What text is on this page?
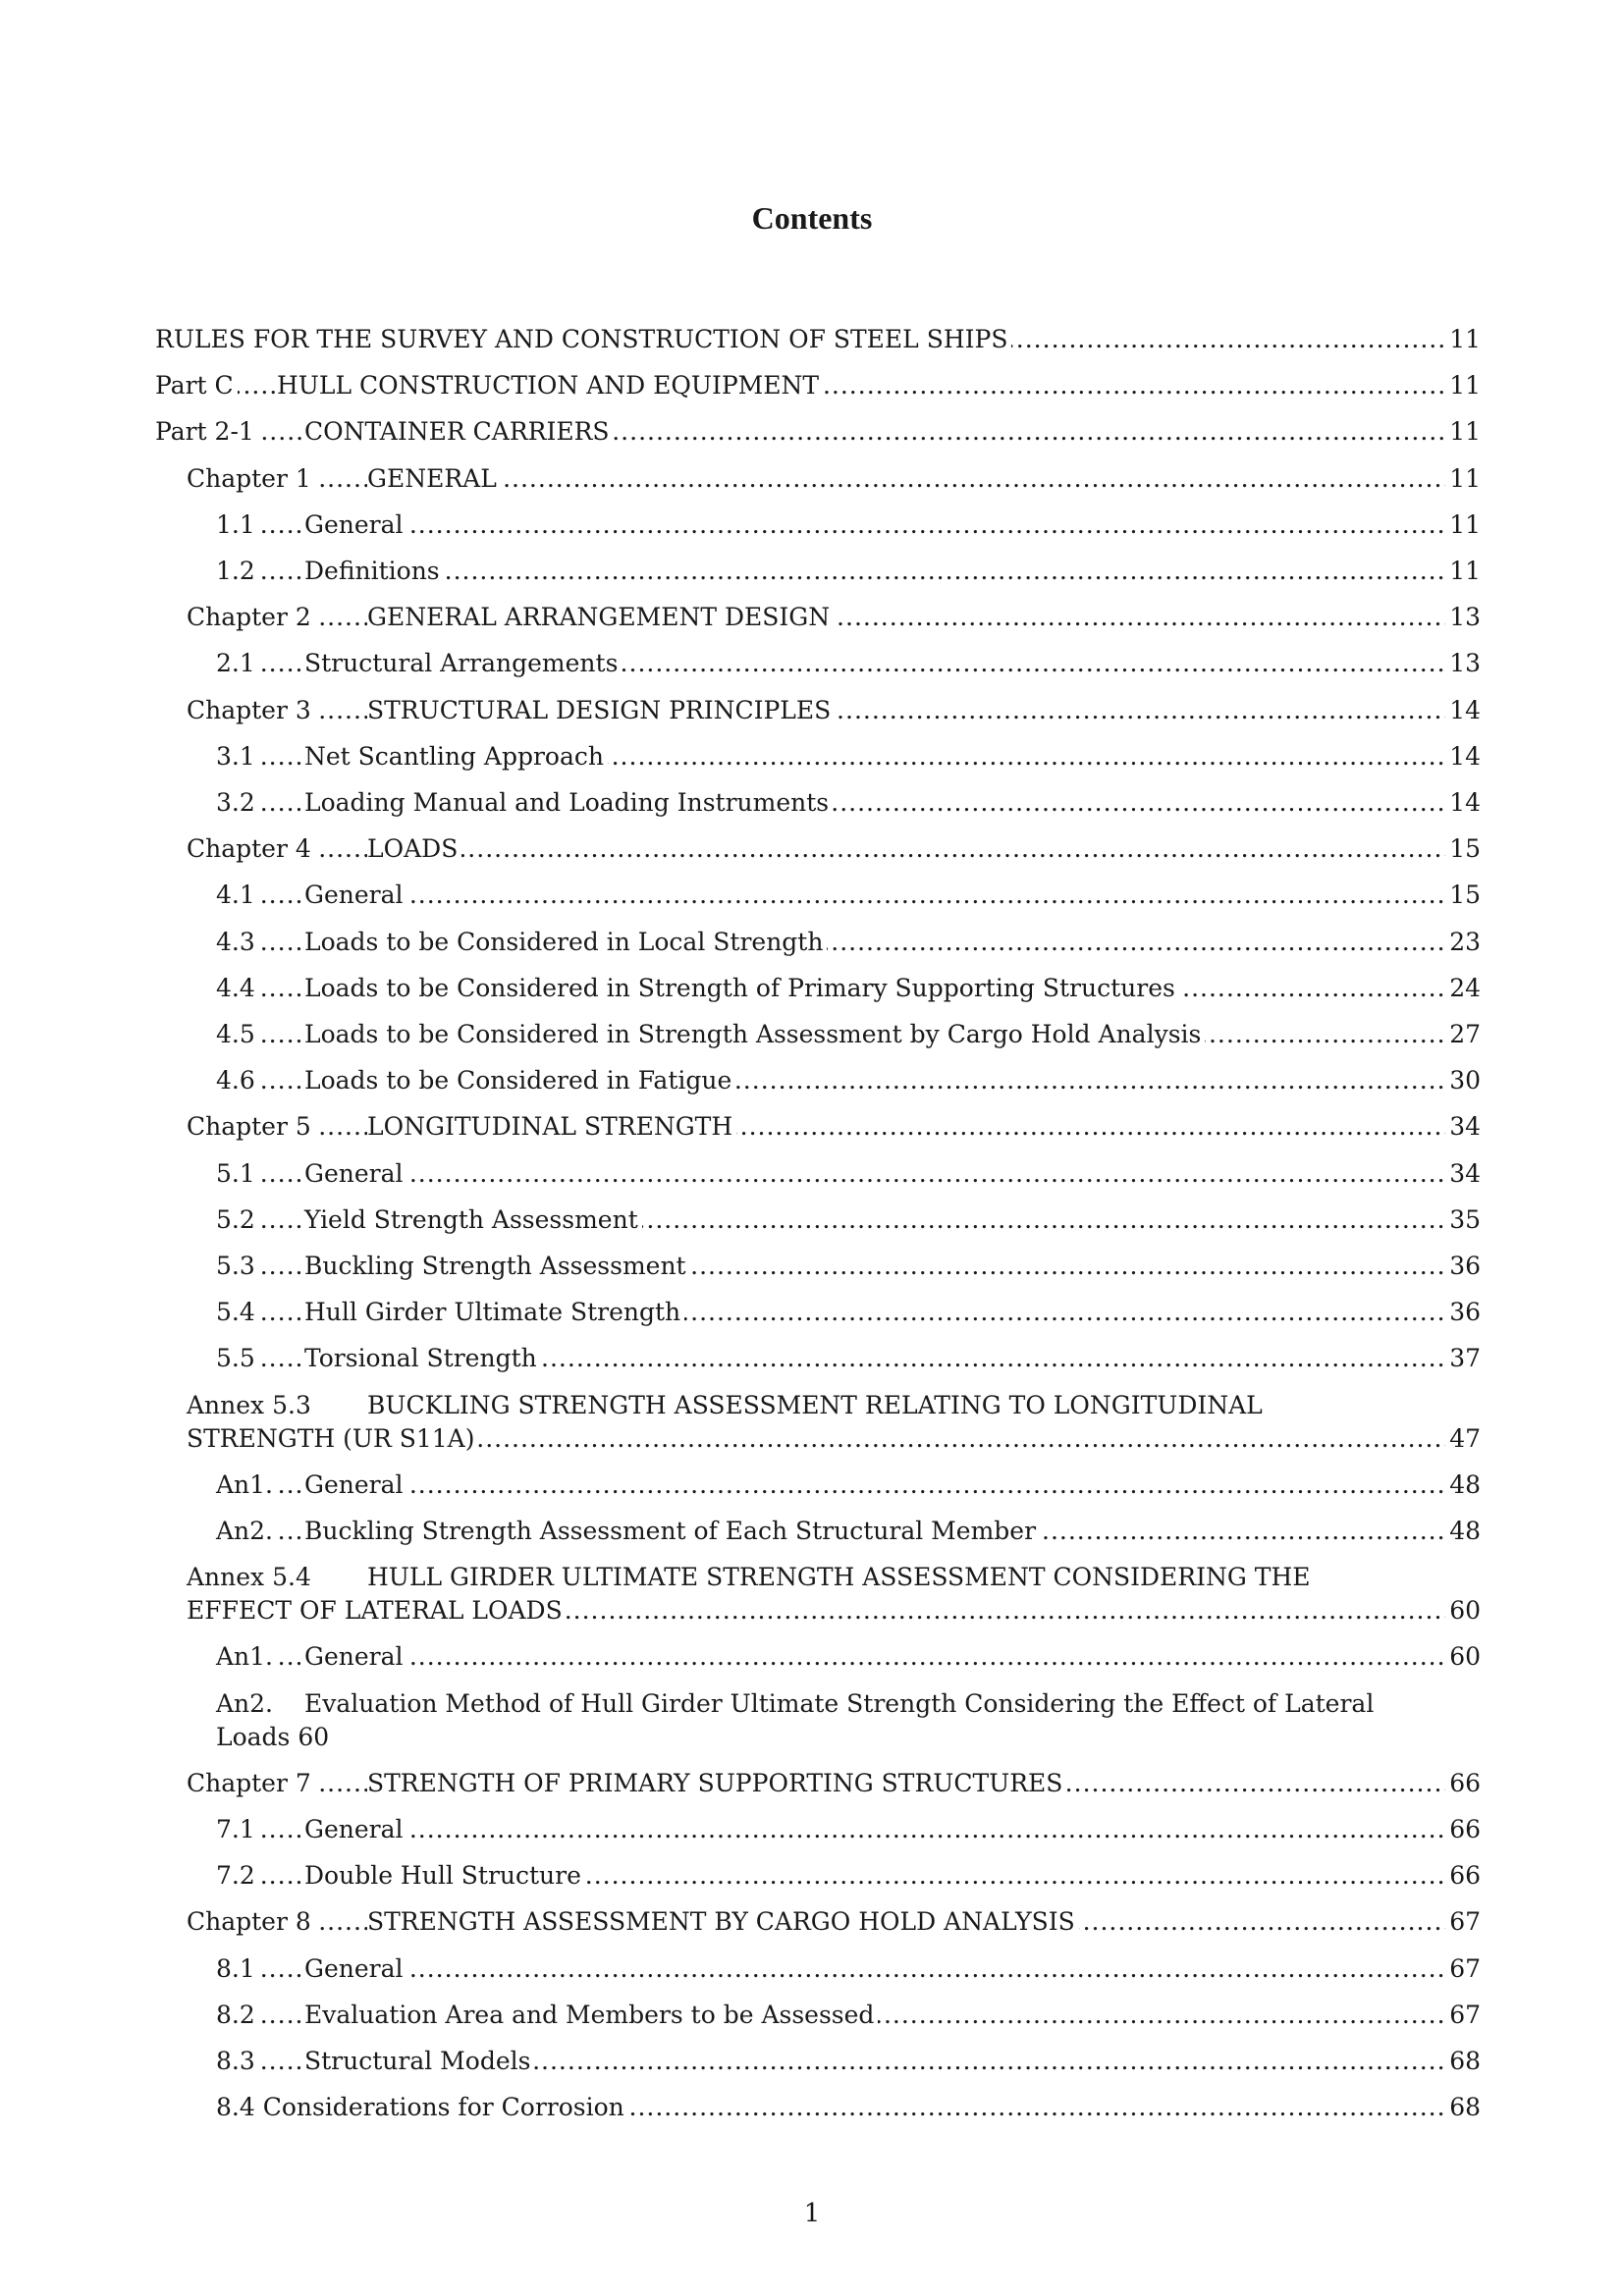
Contents
.....
RULES FOR THE SURVEY AND CONSTRUCTION OF STEEL SHIPS	11
.....
Part C HULL CONSTRUCTION AND EQUIPMENT	11
.....
Part 2-1 CONTAINER CARRIERS	11
.....
Chapter 1 GENERAL	11
.....
1.1 General	11
.....
1.2 Definitions	11
.....
Chapter 2 GENERAL ARRANGEMENT DESIGN	13
.....
2.1 Structural Arrangements	13
.....
Chapter 3 STRUCTURAL DESIGN PRINCIPLES	14
.....
3.1 Net Scantling Approach	14
.....
3.2 Loading Manual and Loading Instruments	14
.....
Chapter 4 LOADS	15
.....
4.1 General	15
.....
4.3 Loads to be Considered in Local Strength	23
.....
4.4 Loads to be Considered in Strength of Primary Supporting Structures	24
.....
4.5 Loads to be Considered in Strength Assessment by Cargo Hold Analysis	27
.....
4.6 Loads to be Considered in Fatigue	30
.....
Chapter 5 LONGITUDINAL STRENGTH	34
.....
5.1 General	34
.....
5.2 Yield Strength Assessment	35
.....
5.3 Buckling Strength Assessment	36
.....
5.4 Hull Girder Ultimate Strength	36
.....
5.5 Torsional Strength	37
Annex 5.3 BUCKLING STRENGTH ASSESSMENT RELATING TO LONGITUDINAL
.....
STRENGTH (UR S11A)	47
.....
An1. General	48
.....
An2. Buckling Strength Assessment of Each Structural Member	48
Annex 5.4 HULL GIRDER ULTIMATE STRENGTH ASSESSMENT CONSIDERING THE
.....
EFFECT OF LATERAL LOADS	60
.....
An1. General	60
An2. Evaluation Method of Hull Girder Ultimate Strength Considering the Effect of Lateral
Loads 60
.....
Chapter 7 STRENGTH OF PRIMARY SUPPORTING STRUCTURES	66
.....
7.1 General	66
.....
7.2 Double Hull Structure	66
.....
Chapter 8 STRENGTH ASSESSMENT BY CARGO HOLD ANALYSIS	67
.....
8.1 General	67
.....
8.2 Evaluation Area and Members to be Assessed	67
.....
8.3 Structural Models	68
.....
8.4 Considerations for Corrosion	68
1
